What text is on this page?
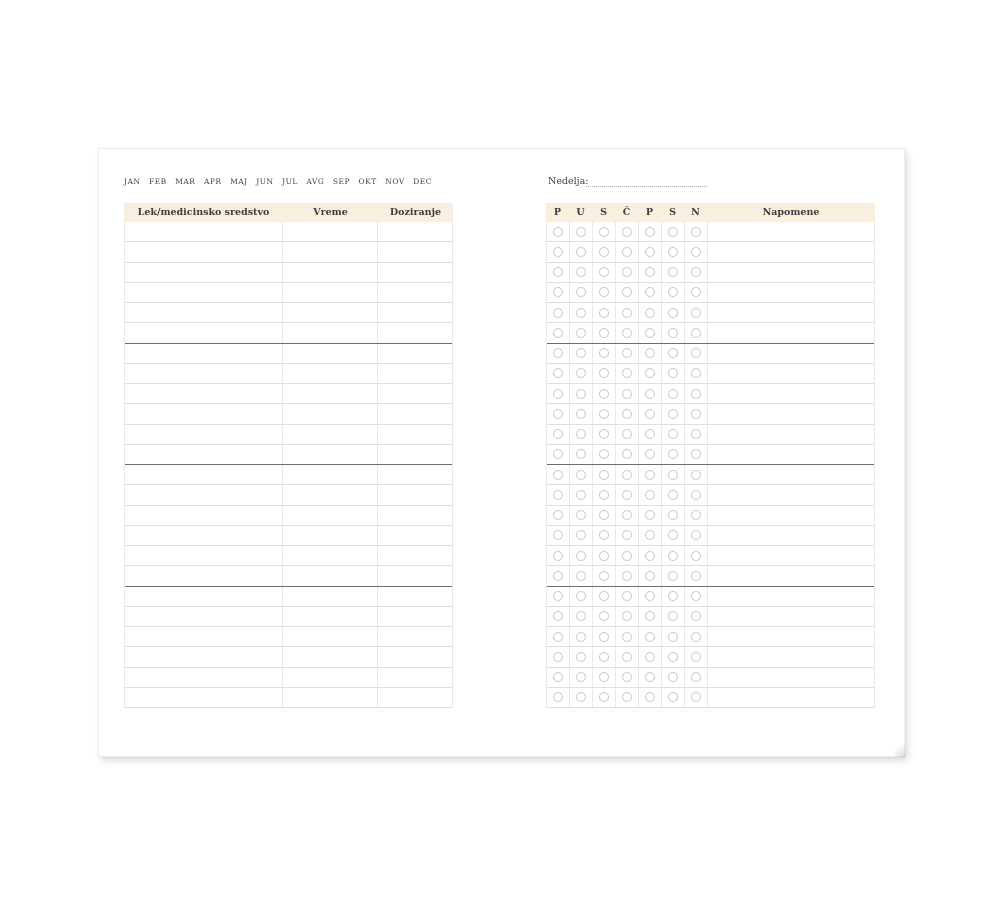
JAN FEB MAR APR MAJ JUN JUL AVG SEP OKT NOV DEC
Lek/medicinsko sredstvo	Vreme	Doziranje
Nedelja:
P	U	S	Č	P	S	N	Napomene
